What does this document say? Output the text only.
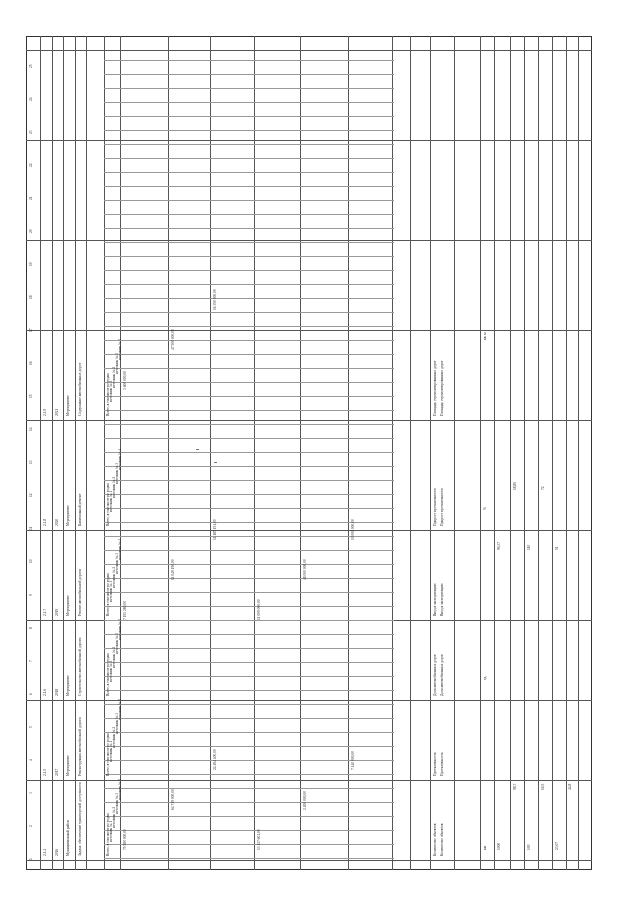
1
2
3
4
5
6
7
8
9
10
11
12
13
14
15
16
17
18
19
20
21
22
23
24
25
2.1.4 2016 Муниципальный район Задача: обеспечение транспортной доступности
2.1.5 2017 Мероприятие Реконструкция автомобильной дороги
2.1.6 2018 Мероприятие Строительство автомобильной дороги
2.1.7 2019 Мероприятие Ремонт автомобильной дороги
2.1.8 2020 Мероприятие Капитальный ремонт
2.1.9 2021 Мероприятие Содержание автомобильных дорог
Всего, в том числе по годам источник № 1
источник № 2
источник № 3
источник № 4
Всего, в том числе по годам источник № 1
источник № 2
источник № 3
источник № 4
Всего, в том числе по годам источник № 1
источник № 2
источник № 3
источник № 4
Всего, в том числе по годам источник № 1
источник № 2
источник № 3
источник № 4
Всего, в том числе по годам источник № 1
источник № 2
источник № 3
источник № 4
Всего, в том числе по годам источник № 1
источник № 2
источник № 3
источник № 4
75 580 000,00
64 719 000,00
24 494 400,00
13 117 601,00
2 200 000,00
7 140 000,00
7 193 280,00
11 049 190,00
11 185 151,00
11 009 000,00
48 000 000,00
10 000 000,00
3 600 000,00
47 500 000,00
16 350 000,00
Количество объектов Количество объектов
Протяженность Протяженность
Доля автомобильных дорог Доля автомобильных дорог
Ввод в эксплуатацию Ввод в эксплуатацию
Прирост протяженности Прирост протяженности
Площадь отремонтированных дорог Площадь отремонтированных дорог
км
ед.
%
кв. м
1000
98,7
100
16,5
23,07
44,8
96,37
18,85
110
72
51
